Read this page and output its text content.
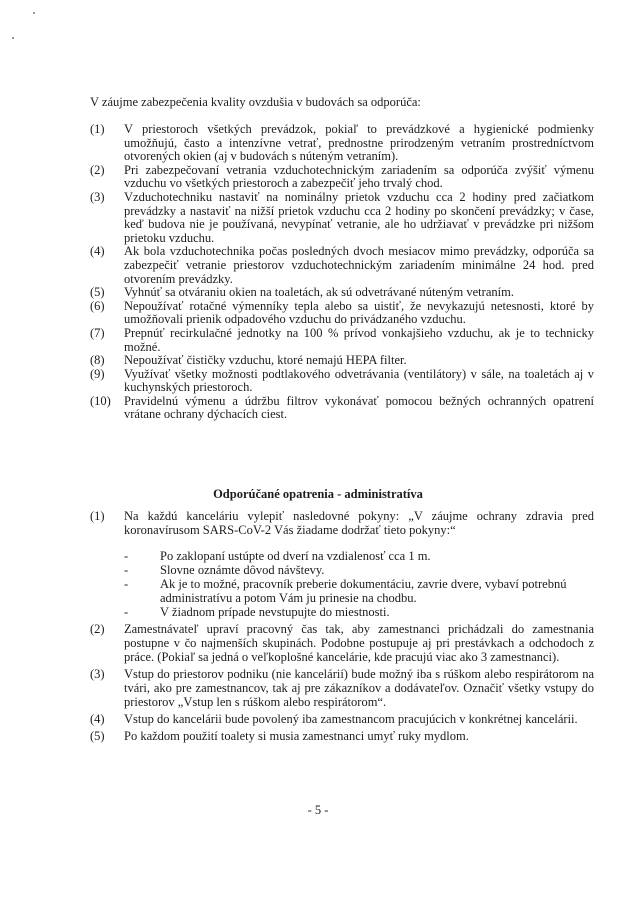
V záujme zabezpečenia kvality ovzdušia v budovách sa odporúča:
(1) V priestoroch všetkých prevádzok, pokiaľ to prevádzkové a hygienické podmienky umožňujú, často a intenzívne vetrať, prednostne prirodzeným vetraním prostredníctvom otvorených okien (aj v budovách s núteným vetraním).
(2) Pri zabezpečovaní vetrania vzduchotechnickým zariadením sa odporúča zvýšiť výmenu vzduchu vo všetkých priestoroch a zabezpečiť jeho trvalý chod.
(3) Vzduchotechniku nastaviť na nominálny prietok vzduchu cca 2 hodiny pred začiatkom prevádzky a nastaviť na nižší prietok vzduchu cca 2 hodiny po skončení prevádzky; v čase, keď budova nie je používaná, nevypínať vetranie, ale ho udržiavať v prevádzke pri nižšom prietoku vzduchu.
(4) Ak bola vzduchotechnika počas posledných dvoch mesiacov mimo prevádzky, odporúča sa zabezpečiť vetranie priestorov vzduchotechnickým zariadením minimálne 24 hod. pred otvorením prevádzky.
(5) Vyhnúť sa otváraniu okien na toaletách, ak sú odvetrávané núteným vetraním.
(6) Nepoužívať rotačné výmenníky tepla alebo sa uistiť, že nevykazujú netesnosti, ktoré by umožňovali prienik odpadového vzduchu do privádzaného vzduchu.
(7) Prepnúť recirkulačné jednotky na 100 % prívod vonkajšieho vzduchu, ak je to technicky možné.
(8) Nepoužívať čističky vzduchu, ktoré nemajú HEPA filter.
(9) Využívať všetky možnosti podtlakového odvetrávania (ventilátory) v sále, na toaletách aj v kuchynských priestoroch.
(10) Pravidelnú výmenu a údržbu filtrov vykonávať pomocou bežných ochranných opatrení vrátane ochrany dýchacích ciest.
Odporúčané opatrenia - administratíva
(1) Na každú kanceláriu vylepiť nasledovné pokyny: „V záujme ochrany zdravia pred koronavírusom SARS-CoV-2 Vás žiadame dodržať tieto pokyny:“
-	Po zaklopaní ustúpte od dverí na vzdialenosť cca 1 m.
-	Slovne oznámte dôvod návštevy.
-	Ak je to možné, pracovník preberie dokumentáciu, zavrie dvere, vybaví potrebnú administratívu a potom Vám ju prinesie na chodbu.
-	V žiadnom prípade nevstupujte do miestnosti.
(2) Zamestnávateľ upraví pracovný čas tak, aby zamestnanci prichádzali do zamestnania postupne v čo najmenších skupinách. Podobne postupuje aj pri prestávkach a odchodoch z práce. (Pokiaľ sa jedná o veľkoplošné kancelárie, kde pracujú viac ako 3 zamestnanci).
(3) Vstup do priestorov podniku (nie kancelárií) bude možný iba s rúškom alebo respirátorom na tvári, ako pre zamestnancov, tak aj pre zákazníkov a dodávateľov. Označiť všetky vstupy do priestorov „Vstup len s rúškom alebo respirátorom“.
(4) Vstup do kancelárii bude povolený iba zamestnancom pracujúcich v konkrétnej kancelárii.
(5) Po každom použití toalety si musia zamestnanci umyť ruky mydlom.
- 5 -
